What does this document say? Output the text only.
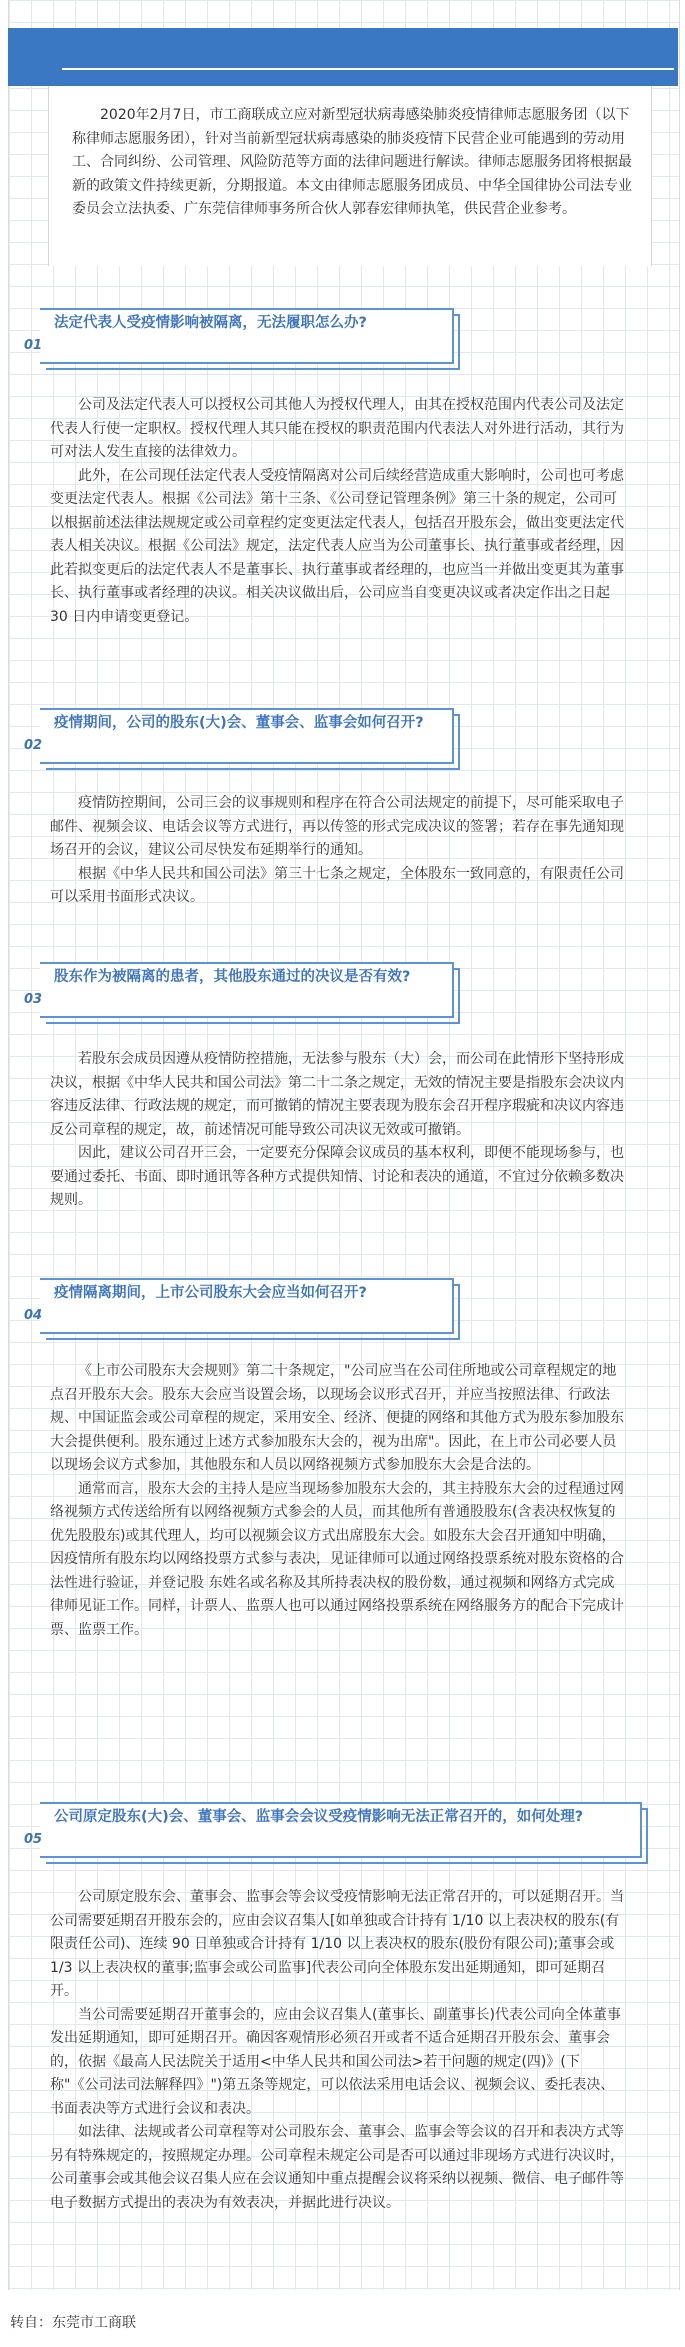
2020年2月7日，市工商联成立应对新型冠状病毒感染肺炎疫情律师志愿服务团（以下称律师志愿服务团），针对当前新型冠状病毒感染的肺炎疫情下民营企业可能遇到的劳动用工、合同纠纷、公司管理、风险防范等方面的法律问题进行解读。律师志愿服务团将根据最新的政策文件持续更新，分期报道。本文由律师志愿服务团成员、中华全国律协公司法专业委员会立法执委、广东莞信律师事务所合伙人郭春宏律师执笔，供民营企业参考。

法定代表人受疫情影响被隔离，无法履职怎么办?

01

公司及法定代表人可以授权公司其他人为授权代理人，由其在授权范围内代表公司及法定代表人行使一定职权。授权代理人其只能在授权的职责范围内代表法人对外进行活动，其行为可对法人发生直接的法律效力。

此外，在公司现任法定代表人受疫情隔离对公司后续经营造成重大影响时，公司也可考虑变更法定代表人。根据《公司法》第十三条、《公司登记管理条例》第三十条的规定，公司可以根据前述法律法规规定或公司章程约定变更法定代表人，包括召开股东会，做出变更法定代表人相关决议。根据《公司法》规定，法定代表人应当为公司董事长、执行董事或者经理，因此若拟变更后的法定代表人不是董事长、执行董事或者经理的，也应当一并做出变更其为董事长、执行董事或者经理的决议。相关决议做出后，公司应当自变更决议或者决定作出之日起 30 日内申请变更登记。

疫情期间，公司的股东(大)会、董事会、监事会如何召开?

02

疫情防控期间，公司三会的议事规则和程序在符合公司法规定的前提下，尽可能采取电子邮件、视频会议、电话会议等方式进行，再以传签的形式完成决议的签署；若存在事先通知现场召开的会议，建议公司尽快发布延期举行的通知。

根据《中华人民共和国公司法》第三十七条之规定，全体股东一致同意的，有限责任公司可以采用书面形式决议。

股东作为被隔离的患者，其他股东通过的决议是否有效?

03

若股东会成员因遵从疫情防控措施，无法参与股东（大）会，而公司在此情形下坚持形成决议，根据《中华人民共和国公司法》第二十二条之规定，无效的情况主要是指股东会决议内容违反法律、行政法规的规定，而可撤销的情况主要表现为股东会召开程序瑕疵和决议内容违反公司章程的规定，故，前述情况可能导致公司决议无效或可撤销。

因此，建议公司召开三会，一定要充分保障会议成员的基本权利，即便不能现场参与，也要通过委托、书面、即时通讯等各种方式提供知情、讨论和表决的通道，不宜过分依赖多数决规则。

疫情隔离期间，上市公司股东大会应当如何召开?

04

《上市公司股东大会规则》第二十条规定，"公司应当在公司住所地或公司章程规定的地点召开股东大会。股东大会应当设置会场，以现场会议形式召开，并应当按照法律、行政法规、中国证监会或公司章程的规定，采用安全、经济、便捷的网络和其他方式为股东参加股东大会提供便利。股东通过上述方式参加股东大会的，视为出席"。因此，在上市公司必要人员以现场会议方式参加，其他股东和人员以网络视频方式参加股东大会是合法的。

通常而言，股东大会的主持人是应当现场参加股东大会的，其主持股东大会的过程通过网络视频方式传送给所有以网络视频方式参会的人员，而其他所有普通股股东(含表决权恢复的优先股股东)或其代理人，均可以视频会议方式出席股东大会。如股东大会召开通知中明确，因疫情所有股东均以网络投票方式参与表决，见证律师可以通过网络投票系统对股东资格的合法性进行验证，并登记股 东姓名或名称及其所持表决权的股份数，通过视频和网络方式完成律师见证工作。同样，计票人、监票人也可以通过网络投票系统在网络服务方的配合下完成计票、监票工作。

公司原定股东(大)会、董事会、监事会会议受疫情影响无法正常召开的，如何处理?

05

公司原定股东会、董事会、监事会等会议受疫情影响无法正常召开的，可以延期召开。当公司需要延期召开股东会的，应由会议召集人[如单独或合计持有 1/10 以上表决权的股东(有限责任公司)、连续 90 日单独或合计持有 1/10 以上表决权的股东(股份有限公司);董事会或 1/3 以上表决权的董事;监事会或公司监事]代表公司向全体股东发出延期通知，即可延期召开。

当公司需要延期召开董事会的，应由会议召集人(董事长、副董事长)代表公司向全体董事发出延期通知，即可延期召开。确因客观情形必须召开或者不适合延期召开股东会、董事会的，依据《最高人民法院关于适用<中华人民共和国公司法>若干问题的规定(四)》(下称"《公司法司法解释四》")第五条等规定，可以依法采用电话会议、视频会议、委托表决、书面表决等方式进行会议和表决。

如法律、法规或者公司章程等对公司股东会、董事会、监事会等会议的召开和表决方式等另有特殊规定的，按照规定办理。公司章程未规定公司是否可以通过非现场方式进行决议时，公司董事会或其他会议召集人应在会议通知中重点提醒会议将采纳以视频、微信、电子邮件等电子数据方式提出的表决为有效表决，并据此进行决议。

转自：东莞市工商联
